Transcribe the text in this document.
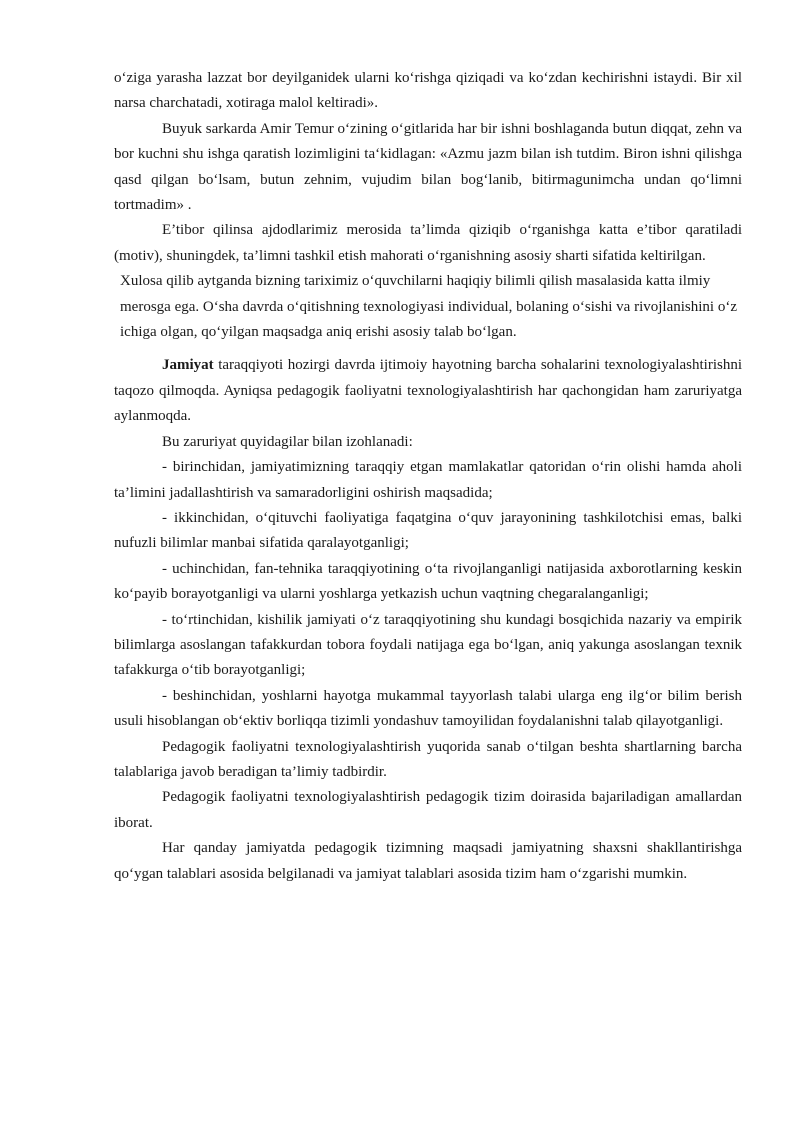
oʻziga yarasha lazzat bor deyilganidek ularni koʻrishga qiziqadi va koʻzdan kechirishni istaydi. Bir xil narsa charchatadi, xotiraga malol keltiradi».

Buyuk sarkarda Amir Temur oʻzining oʻgitlarida har bir ishni boshlaganda butun diqqat, zehn va bor kuchni shu ishga qaratish lozimligini taʻkidlagan: «Azmu jazm bilan ish tutdim. Biron ishni qilishga qasd qilgan boʻlsam, butun zehnim, vujudim bilan bogʻlanib, bitirmagunimcha undan qoʻlimni tortmadim» .

E’tibor qilinsa ajdodlarimiz merosida ta’limda qiziqib oʻrganishga katta e’tibor qaratiladi (motiv), shuningdek, ta’limni tashkil etish mahorati oʻrganishning asosiy sharti sifatida keltirilgan.

Xulosa qilib aytganda bizning tariximiz oʻquvchilarni haqiqiy bilimli qilish masalasida katta ilmiy merosga ega. Oʻsha davrda oʻqitishning texnologiyasi individual, bolaning oʻsishi va rivojlanishini oʻz ichiga olgan, qoʻyilgan maqsadga aniq erishi asosiy talab boʻlgan.

Jamiyat taraqqiyoti hozirgi davrda ijtimoiy hayotning barcha sohalarini texnologiyalashtirishni taqozo qilmoqda. Ayniqsa pedagogik faoliyatni texnologiyalashtirish har qachongidan ham zaruriyatga aylanmoqda.

Bu zaruriyat quyidagilar bilan izohlanadi:

- birinchidan, jamiyatimizning taraqqiy etgan mamlakatlar qatoridan oʻrin olishi hamda aholi ta’limini jadallashtirish va samaradorligini oshirish maqsadida;

- ikkinchidan, oʻqituvchi faoliyatiga faqatgina oʻquv jarayonining tashkilotchisi emas, balki nufuzli bilimlar manbai sifatida qaralayotganligi;

- uchinchidan, fan-tehnika taraqqiyotining oʻta rivojlanganligi natijasida axborotlarning keskin koʻpayib borayotganligi va ularni yoshlarga yetkazish uchun vaqtning chegaralanganligi;

- toʻrtinchidan, kishilik jamiyati oʻz taraqqiyotining shu kundagi bosqichida nazariy va empirik bilimlarga asoslangan tafakkurdan tobora foydali natijaga ega boʻlgan, aniq yakunga asoslangan texnik tafakkurga oʻtib borayotganligi;

- beshinchidan, yoshlarni hayotga mukammal tayyorlash talabi ularga eng ilgʻor bilim berish usuli hisoblangan obʻektiv borliqqa tizimli yondashuv tamoyilidan foydalanishni talab qilayotganligi.

Pedagogik faoliyatni texnologiyalashtirish yuqorida sanab oʻtilgan beshta shartlarning barcha talablariga javob beradigan ta’limiy tadbirdir.

Pedagogik faoliyatni texnologiyalashtirish pedagogik tizim doirasida bajariladigan amallardan iborat.

Har qanday jamiyatda pedagogik tizimning maqsadi jamiyatning shaxsni shakllantirishga qoʻygan talablari asosida belgilanadi va jamiyat talablari asosida tizim ham oʻzgarishi mumkin.
